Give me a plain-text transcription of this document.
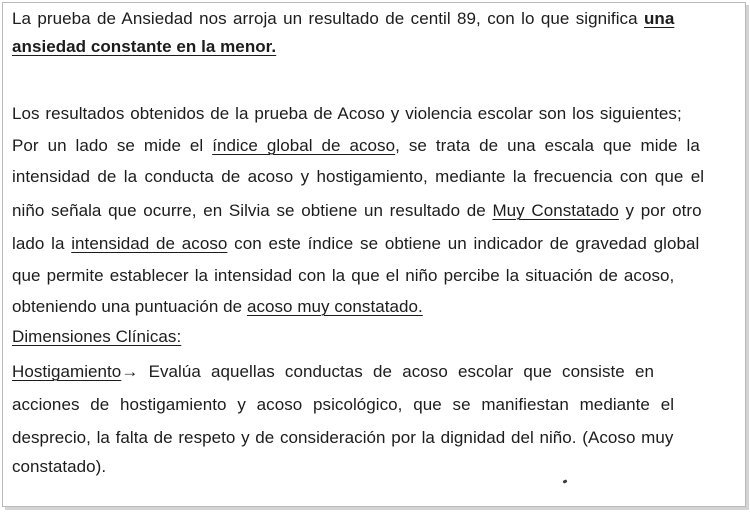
La prueba de Ansiedad nos arroja un resultado de centil 89, con lo que significa una
ansiedad constante en la menor.
Los resultados obtenidos de la prueba de Acoso y violencia escolar son los siguientes;
Por un lado se mide el índice global de acoso, se trata de una escala que mide la
intensidad de la conducta de acoso y hostigamiento, mediante la frecuencia con que el
niño señala que ocurre, en Silvia se obtiene un resultado de Muy Constatado y por otro
lado la intensidad de acoso con este índice se obtiene un indicador de gravedad global
que permite establecer la intensidad con la que el niño percibe la situación de acoso,
obteniendo una puntuación de acoso muy constatado.
Dimensiones Clínicas:
Hostigamiento→ Evalúa aquellas conductas de acoso escolar que consiste en
acciones de hostigamiento y acoso psicológico, que se manifiestan mediante el
desprecio, la falta de respeto y de consideración por la dignidad del niño. (Acoso muy
constatado).
